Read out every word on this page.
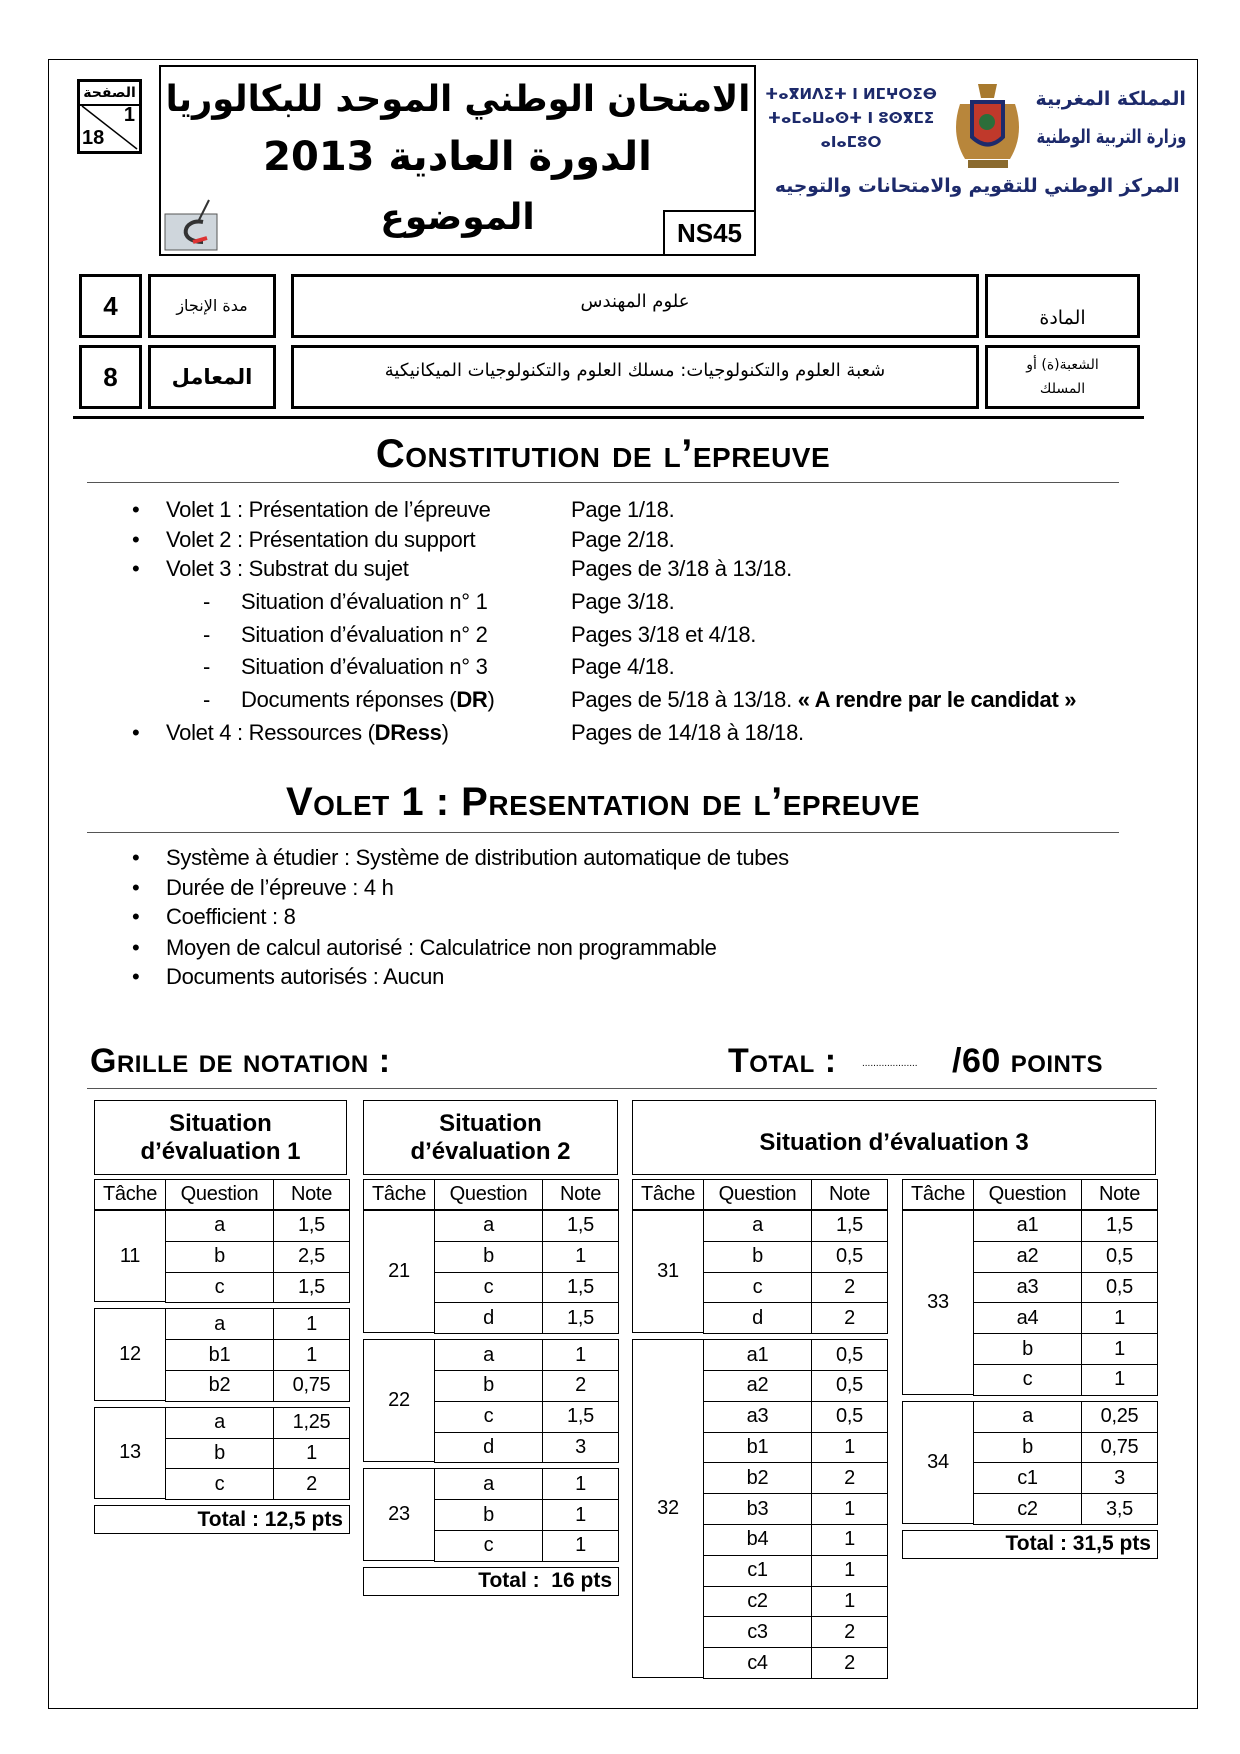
الصفحة
1
18
الامتحان الوطني الموحد للبكالوريا
الدورة العادية 2013
الموضوع	NS45
ⵜⴰⴳⵍⴷⵉⵜ ⵏ ⵍⵎⵖⵔⵉⴱ
ⵜⴰⵎⴰⵡⴰⵙⵜ ⵏ ⵓⵙⴳⵎⵉ
ⴰⵏⴰⵎⵓⵔ
المملكة المغربية
وزارة التربية الوطنية
المركز الوطني للتقويم والامتحانات والتوجيه
4	مدة الإنجاز	علوم المهندس
المادة
8	المعامل	شعبة العلوم والتكنولوجيات: مسلك العلوم والتكنولوجيات الميكانيكية	الشعبة(ة) أو المسلك
Constitution de l’epreuve
• Volet 1 : Présentation de l’épreuve	Page 1/18.
• Volet 2 : Présentation du support	Page 2/18.
• Volet 3 : Substrat du sujet	Pages de 3/18 à 13/18.
- Situation d’évaluation n° 1	Page 3/18.
- Situation d’évaluation n° 2	Pages 3/18 et 4/18.
- Situation d’évaluation n° 3	Page 4/18.
- Documents réponses (DR)	Pages de 5/18 à 13/18. « A rendre par le candidat »
• Volet 4 : Ressources (DRess)	Pages de 14/18 à 18/18.
Volet 1 : Presentation de l’epreuve
• Système à étudier : Système de distribution automatique de tubes
• Durée de l’épreuve : 4 h
• Coefficient : 8
• Moyen de calcul autorisé : Calculatrice non programmable
• Documents autorisés : Aucun
Grille de notation :	Total :	.................... /60 points
Situation d’évaluation 1
Situation d’évaluation 2	Situation d’évaluation 3
Tâche	Question	Note
11
a	1,5
b	2,5
c	1,5
12
a	1
b1	1
b2	0,75
13
a	1,25
b	1
c	2
Total : 12,5 pts
Tâche	Question	Note
21
a	1,5
b	1
c	1,5
d	1,5
22
a	1
b	2
c	1,5
d	3
23
a	1
b	1
c	1
Total :  16 pts
Tâche	Question	Note
31
a	1,5
b	0,5
c	2
d	2
32
a1	0,5
a2	0,5
a3	0,5
b1	1
b2	2
b3	1
b4	1
c1	1
c2	1
c3	2
c4	2
Tâche	Question	Note
33
a1	1,5
a2	0,5
a3	0,5
a4	1
b	1
c	1
34
a	0,25
b	0,75
c1	3
c2	3,5
Total : 31,5 pts
